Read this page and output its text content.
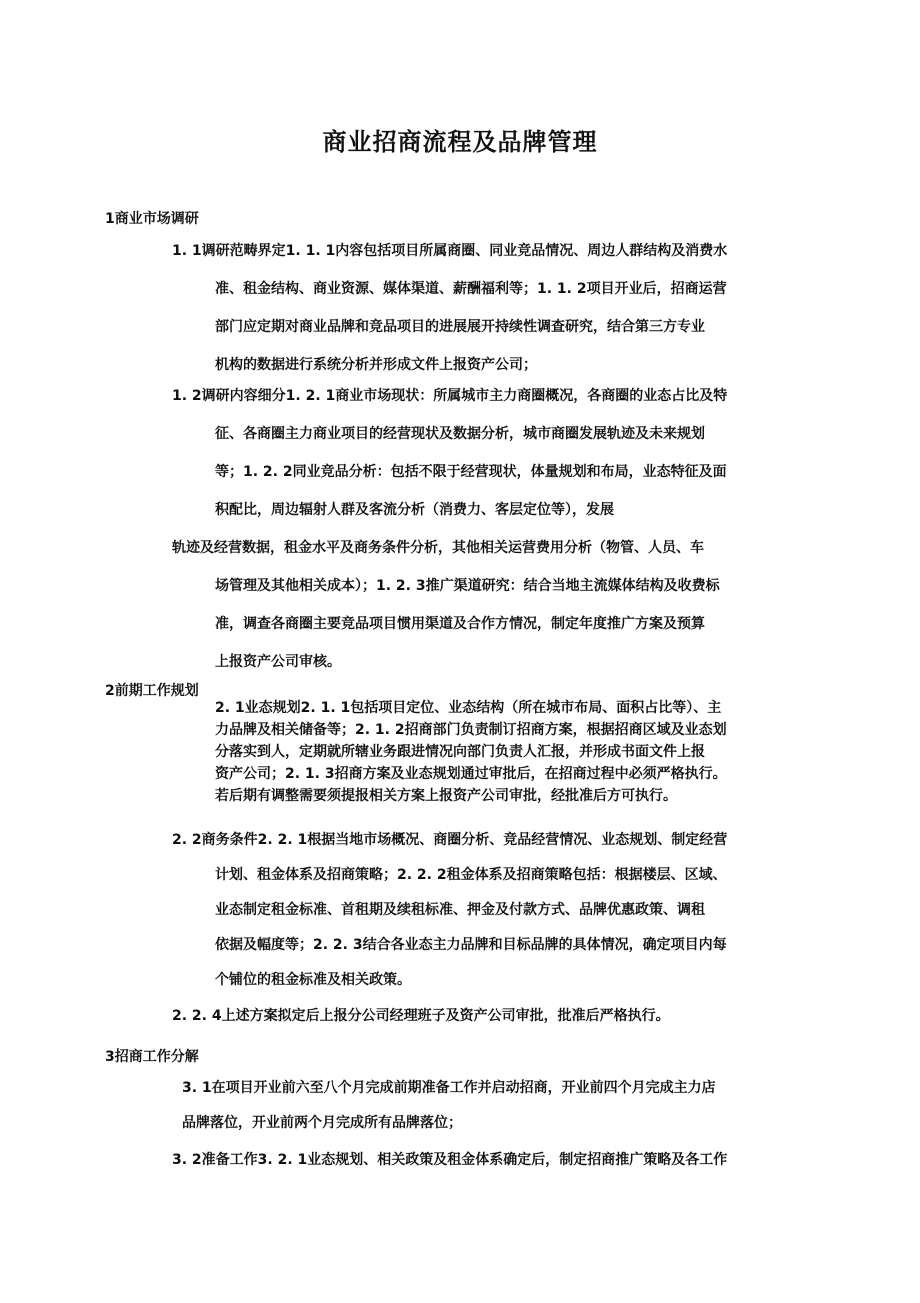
商业招商流程及品牌管理
1商业市场调研
1. 1调研范畴界定1. 1. 1内容包括项目所属商圈、同业竞品情况、周边人群结构及消费水
准、租金结构、商业资源、媒体渠道、薪酬福利等；1. 1. 2项目开业后，招商运营
部门应定期对商业品牌和竞品项目的进展展开持续性调查研究，结合第三方专业
机构的数据进行系统分析并形成文件上报资产公司；
1. 2调研内容细分1. 2. 1商业市场现状：所属城市主力商圈概况，各商圈的业态占比及特
征、各商圈主力商业项目的经营现状及数据分析，城市商圈发展轨迹及未来规划
等；1. 2. 2同业竞品分析：包括不限于经营现状，体量规划和布局，业态特征及面
积配比，周边辐射人群及客流分析（消费力、客层定位等），发展
轨迹及经营数据，租金水平及商务条件分析，其他相关运营费用分析（物管、人员、车
场管理及其他相关成本）；1. 2. 3推广渠道研究：结合当地主流媒体结构及收费标
准，调查各商圈主要竞品项目惯用渠道及合作方情况，制定年度推广方案及预算
上报资产公司审核。
2前期工作规划
2. 1业态规划2. 1. 1包括项目定位、业态结构（所在城市布局、面积占比等）、主
力品牌及相关储备等；2. 1. 2招商部门负责制订招商方案，根据招商区域及业态划
分落实到人，定期就所辖业务跟进情况向部门负责人汇报，并形成书面文件上报
资产公司；2. 1. 3招商方案及业态规划通过审批后，在招商过程中必须严格执行。
若后期有调整需要须提报相关方案上报资产公司审批，经批准后方可执行。
2. 2商务条件2. 2. 1根据当地市场概况、商圈分析、竞品经营情况、业态规划、制定经营
计划、租金体系及招商策略；2. 2. 2租金体系及招商策略包括：根据楼层、区域、
业态制定租金标准、首租期及续租标准、押金及付款方式、品牌优惠政策、调租
依据及幅度等；2. 2. 3结合各业态主力品牌和目标品牌的具体情况，确定项目内每
个铺位的租金标准及相关政策。
2. 2. 4上述方案拟定后上报分公司经理班子及资产公司审批，批准后严格执行。
3招商工作分解
3. 1在项目开业前六至八个月完成前期准备工作并启动招商，开业前四个月完成主力店
品牌落位，开业前两个月完成所有品牌落位；
3. 2准备工作3. 2. 1业态规划、相关政策及租金体系确定后，制定招商推广策略及各工作
